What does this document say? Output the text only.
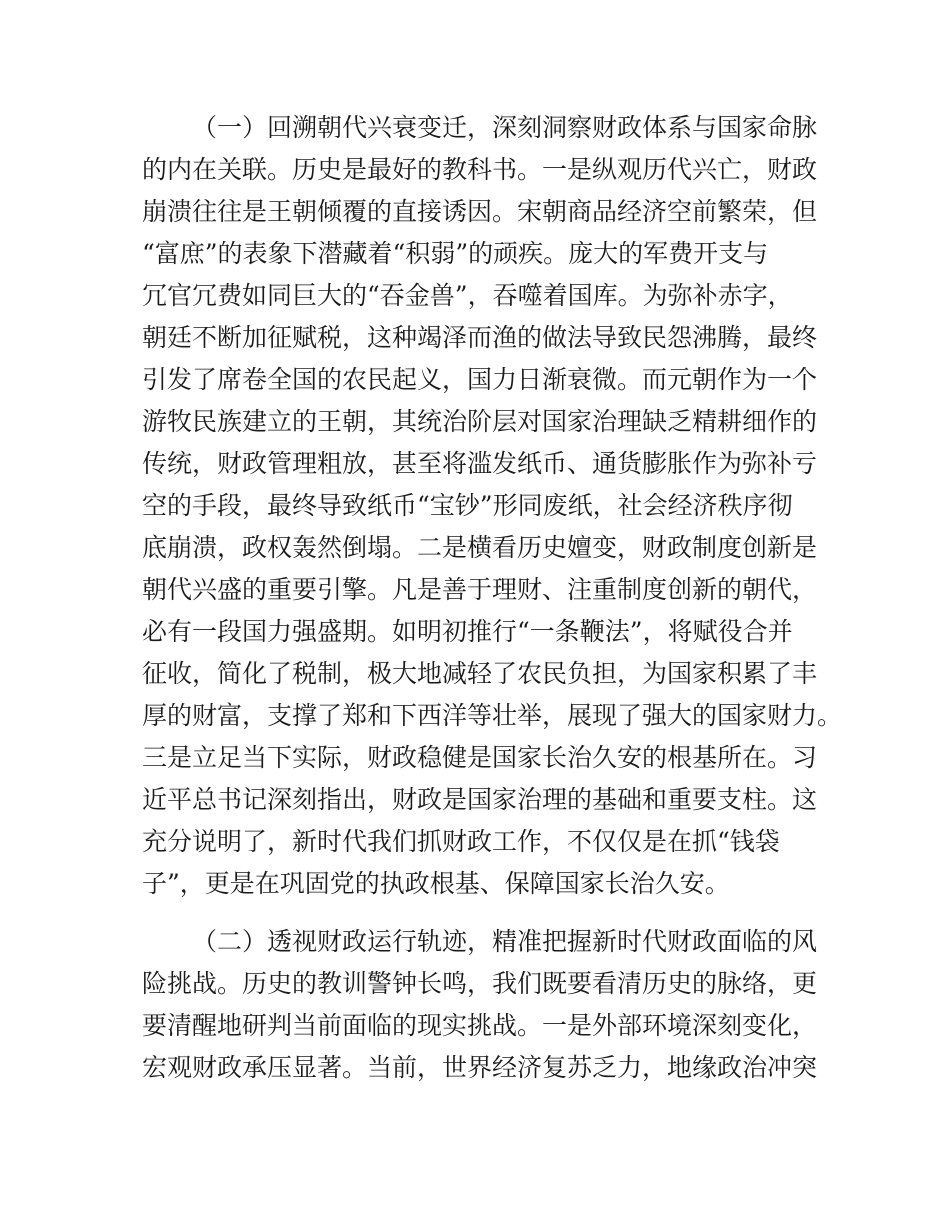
（一）回溯朝代兴衰变迁，深刻洞察财政体系与国家命脉
的内在关联。历史是最好的教科书。一是纵观历代兴亡，财政
崩溃往往是王朝倾覆的直接诱因。宋朝商品经济空前繁荣，但
“富庶”的表象下潜藏着“积弱”的顽疾。庞大的军费开支与
冗官冗费如同巨大的“吞金兽”，吞噬着国库。为弥补赤字，
朝廷不断加征赋税，这种竭泽而渔的做法导致民怨沸腾，最终
引发了席卷全国的农民起义，国力日渐衰微。而元朝作为一个
游牧民族建立的王朝，其统治阶层对国家治理缺乏精耕细作的
传统，财政管理粗放，甚至将滥发纸币、通货膨胀作为弥补亏
空的手段，最终导致纸币“宝钞”形同废纸，社会经济秩序彻
底崩溃，政权轰然倒塌。二是横看历史嬗变，财政制度创新是
朝代兴盛的重要引擎。凡是善于理财、注重制度创新的朝代，
必有一段国力强盛期。如明初推行“一条鞭法”，将赋役合并
征收，简化了税制，极大地减轻了农民负担，为国家积累了丰
厚的财富，支撑了郑和下西洋等壮举，展现了强大的国家财力。
三是立足当下实际，财政稳健是国家长治久安的根基所在。习
近平总书记深刻指出，财政是国家治理的基础和重要支柱。这
充分说明了，新时代我们抓财政工作，不仅仅是在抓“钱袋
子”，更是在巩固党的执政根基、保障国家长治久安。
（二）透视财政运行轨迹，精准把握新时代财政面临的风
险挑战。历史的教训警钟长鸣，我们既要看清历史的脉络，更
要清醒地研判当前面临的现实挑战。一是外部环境深刻变化，
宏观财政承压显著。当前，世界经济复苏乏力，地缘政治冲突
